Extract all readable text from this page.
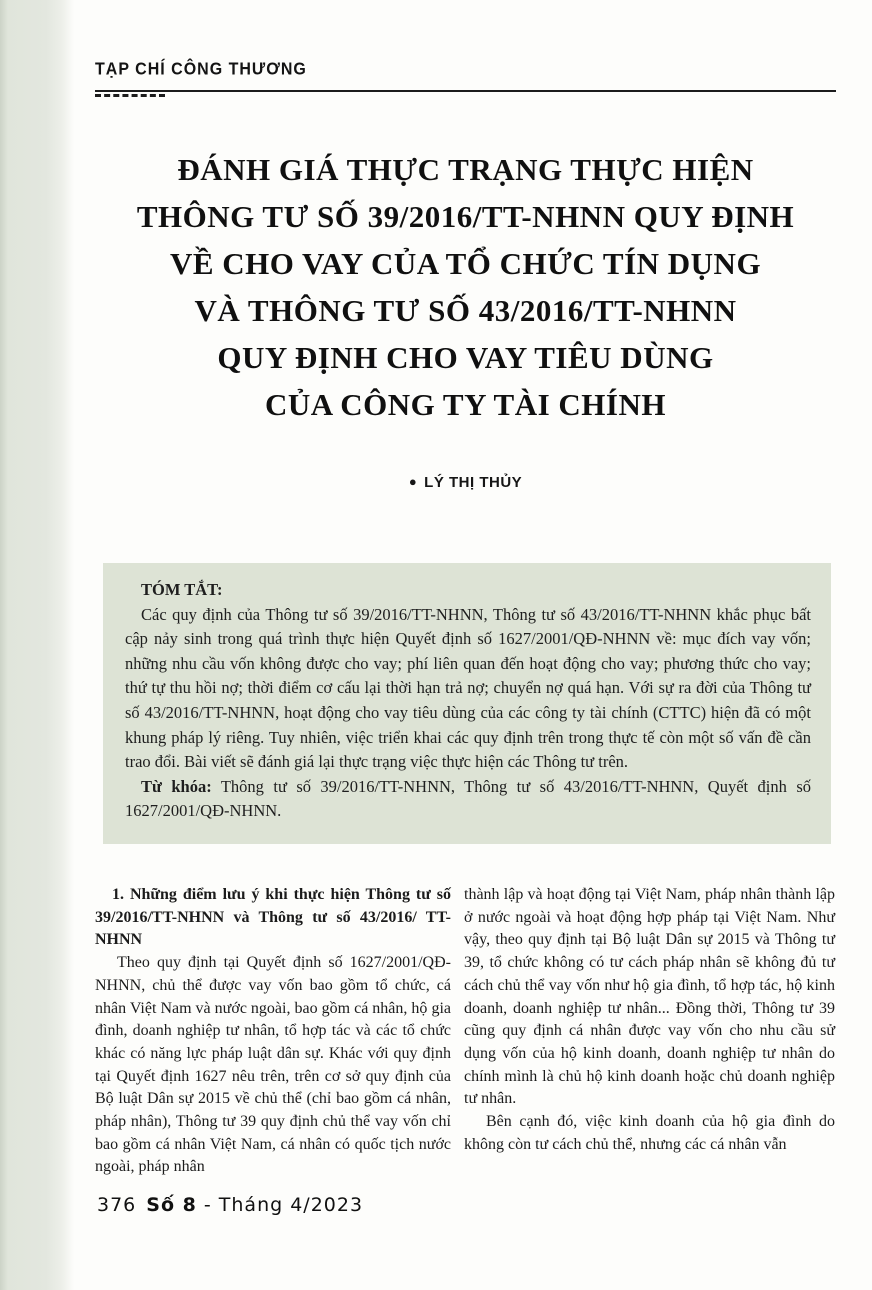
TẠP CHÍ CÔNG THƯƠNG
ĐÁNH GIÁ THỰC TRẠNG THỰC HIỆN
THÔNG TƯ SỐ 39/2016/TT-NHNN QUY ĐỊNH
VỀ CHO VAY CỦA TỔ CHỨC TÍN DỤNG
VÀ THÔNG TƯ SỐ 43/2016/TT-NHNN
QUY ĐỊNH CHO VAY TIÊU DÙNG
CỦA CÔNG TY TÀI CHÍNH
● LÝ THỊ THỦY

TÓM TẮT:

Các quy định của Thông tư số 39/2016/TT-NHNN, Thông tư số 43/2016/TT-NHNN khắc phục bất cập nảy sinh trong quá trình thực hiện Quyết định số 1627/2001/QĐ-NHNN về: mục đích vay vốn; những nhu cầu vốn không được cho vay; phí liên quan đến hoạt động cho vay; phương thức cho vay; thứ tự thu hồi nợ; thời điểm cơ cấu lại thời hạn trả nợ; chuyển nợ quá hạn. Với sự ra đời của Thông tư số 43/2016/TT-NHNN, hoạt động cho vay tiêu dùng của các công ty tài chính (CTTC) hiện đã có một khung pháp lý riêng. Tuy nhiên, việc triển khai các quy định trên trong thực tế còn một số vấn đề cần trao đổi. Bài viết sẽ đánh giá lại thực trạng việc thực hiện các Thông tư trên.

Từ khóa: Thông tư số 39/2016/TT-NHNN, Thông tư số 43/2016/TT-NHNN, Quyết định số 1627/2001/QĐ-NHNN.

1. Những điểm lưu ý khi thực hiện Thông tư số 39/2016/TT-NHNN và Thông tư số 43/2016/ TT-NHNN

Theo quy định tại Quyết định số 1627/2001/QĐ-NHNN, chủ thể được vay vốn bao gồm tổ chức, cá nhân Việt Nam và nước ngoài, bao gồm cá nhân, hộ gia đình, doanh nghiệp tư nhân, tổ hợp tác và các tổ chức khác có năng lực pháp luật dân sự. Khác với quy định tại Quyết định 1627 nêu trên, trên cơ sở quy định của Bộ luật Dân sự 2015 về chủ thể (chỉ bao gồm cá nhân, pháp nhân), Thông tư 39 quy định chủ thể vay vốn chỉ bao gồm cá nhân Việt Nam, cá nhân có quốc tịch nước ngoài, pháp nhân

thành lập và hoạt động tại Việt Nam, pháp nhân thành lập ở nước ngoài và hoạt động hợp pháp tại Việt Nam. Như vậy, theo quy định tại Bộ luật Dân sự 2015 và Thông tư 39, tổ chức không có tư cách pháp nhân sẽ không đủ tư cách chủ thể vay vốn như hộ gia đình, tổ hợp tác, hộ kinh doanh, doanh nghiệp tư nhân... Đồng thời, Thông tư 39 cũng quy định cá nhân được vay vốn cho nhu cầu sử dụng vốn của hộ kinh doanh, doanh nghiệp tư nhân do chính mình là chủ hộ kinh doanh hoặc chủ doanh nghiệp tư nhân.

Bên cạnh đó, việc kinh doanh của hộ gia đình do không còn tư cách chủ thể, nhưng các cá nhân vẫn

376 Số 8 - Tháng 4/2023
